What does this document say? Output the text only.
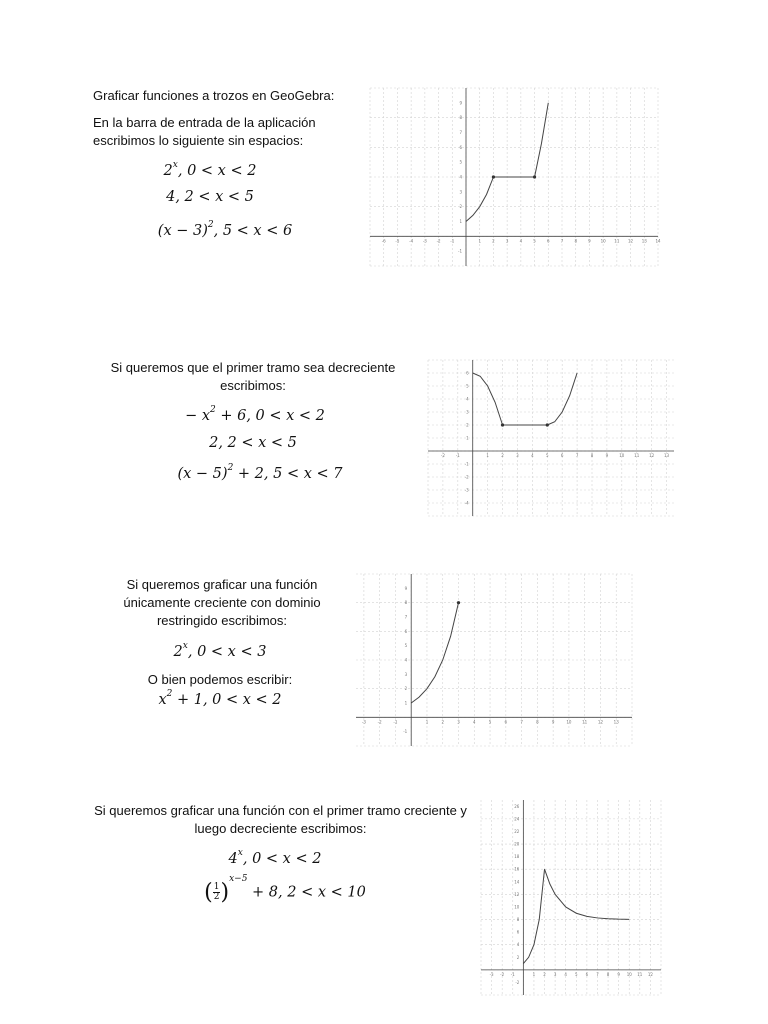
Graficar funciones a trozos en GeoGebra:

En la barra de entrada de la aplicación escribimos lo siguiente sin espacios:

2$^x$, 0 < x < 2
4, 2 < x < 5
$(x - 3)^2$, 5 < x < 6
-6 -5 -4 -3 -2 -1	1	2	3	4	5	6	7	8	9 10 11 12 13 14
-1
1
2
3
4
5
6
7
8
9

Si queremos que el primer tramo sea decreciente escribimos:

− $x^2 + 6$, 0 < x < 2
2, 2 < x < 5
$(x - 5)^2 + 2$, 5 < x < 7
-2	-1	1	2	3	4	5	6	7	8	9	10 11 12 13
-4
-3
-2
-1
1
2
3
4
5
6

Si queremos graficar una función únicamente creciente con dominio restringido escribimos:

2$^x$, 0 < x < 3

O bien podemos escribir:

$x^2 + 1$, 0 < x < 2
-3	-2	-1	1	2	3	4	5	6	7	8	9	10	11	12	13
-1
1
2
3
4
5
6
7
8
9

Si queremos graficar una función con el primer tramo creciente y luego decreciente escribimos:

4$^x$, 0 < x < 2
( $\frac{1}{2} )^{x-5} + 8$, 2 < x < 10
-3 -2 -1	1 2 3 4 5 6 7 8 9 10 11 12
-2
2
4
6
8
10
12
14
16
18
20
22
24
26
